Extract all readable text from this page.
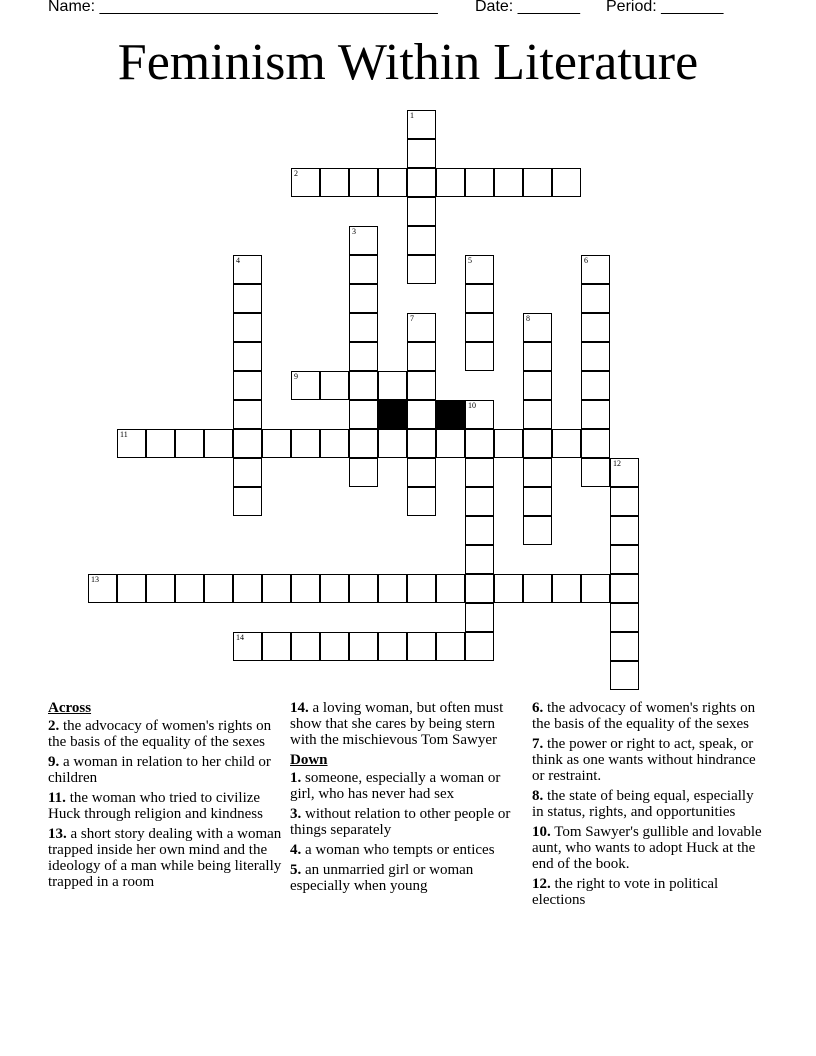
Name: ______________________________________

Date: _______

Period: _______

Feminism Within Literature
1
2
3
4	5	6
7	8
9
10
11
12
13
14
Across
2. the advocacy of women's rights on the basis of the equality of the sexes
9. a woman in relation to her child or children
11. the woman who tried to civilize Huck through religion and kindness
13. a short story dealing with a woman trapped inside her own mind and the ideology of a man while being literally trapped in a room
14. a loving woman, but often must show that she cares by being stern with the mischievous Tom Sawyer
Down
1. someone, especially a woman or girl, who has never had sex
3. without relation to other people or things separately
4. a woman who tempts or entices
5. an unmarried girl or woman especially when young
6. the advocacy of women's rights on the basis of the equality of the sexes
7. the power or right to act, speak, or think as one wants without hindrance or restraint.
8. the state of being equal, especially in status, rights, and opportunities
10. Tom Sawyer's gullible and lovable aunt, who wants to adopt Huck at the end of the book.
12. the right to vote in political elections
